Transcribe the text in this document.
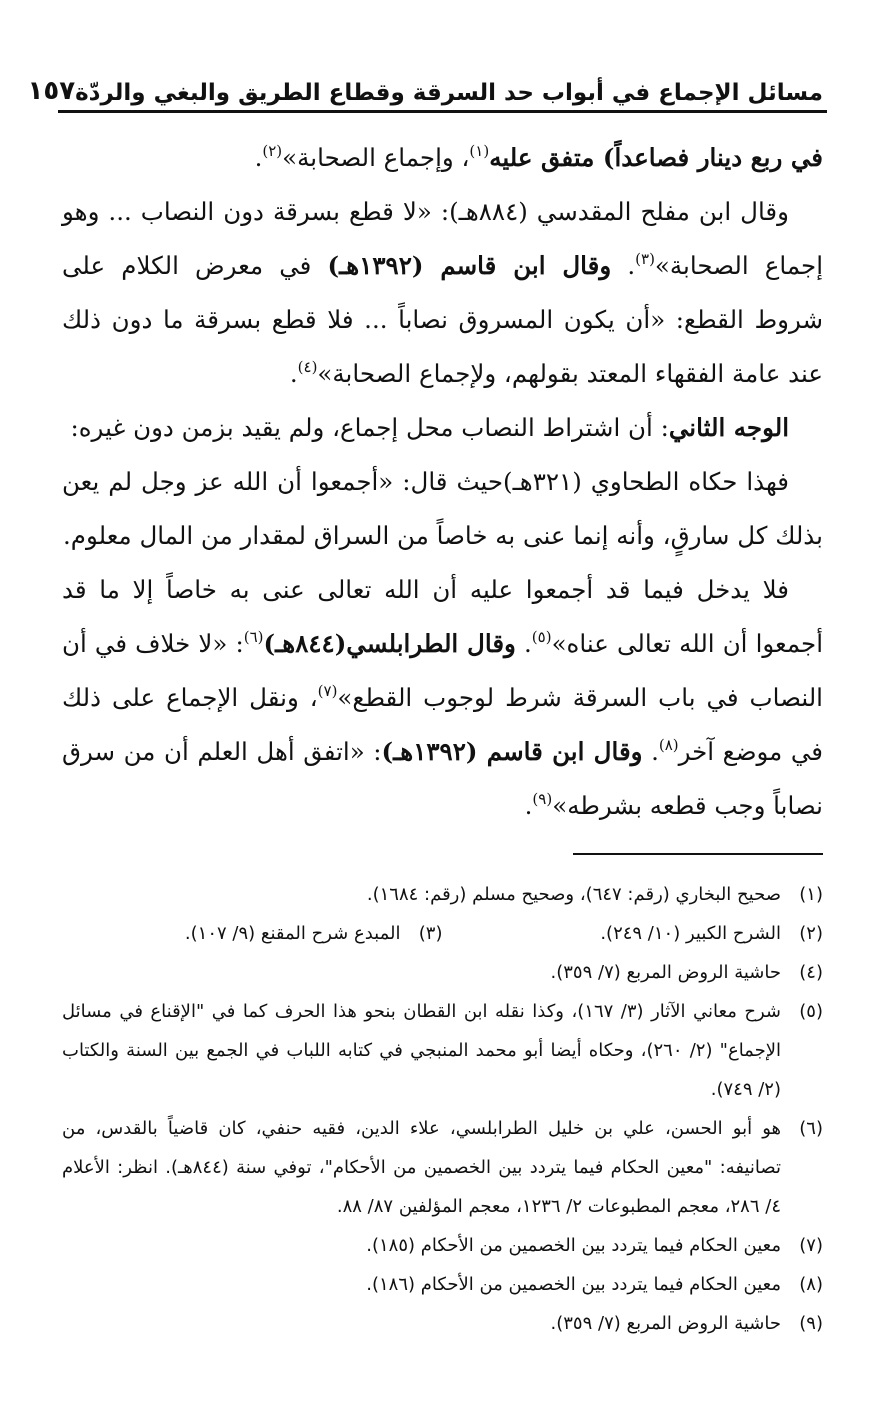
مسائل الإجماع في أبواب حد السرقة وقطاع الطريق والبغي والردّة
١٥٧

في ربع دينار فصاعداً) متفق عليه$^{(١)}$، وإجماع الصحابة»$^{(٢)}$.

وقال ابن مفلح المقدسي (٨٨٤هـ): «لا قطع بسرقة دون النصاب ... وهو إجماع الصحابة»$^{(٣)}$. وقال ابن قاسم (١٣٩٢هـ) في معرض الكلام على شروط القطع: «أن يكون المسروق نصاباً ... فلا قطع بسرقة ما دون ذلك عند عامة الفقهاء المعتد بقولهم، ولإجماع الصحابة»$^{(٤)}$.

الوجه الثاني: أن اشتراط النصاب محل إجماع، ولم يقيد بزمن دون غيره:

فهذا حكاه الطحاوي (٣٢١هـ)حيث قال: «أجمعوا أن الله عز وجل لم يعن بذلك كل سارقٍ، وأنه إنما عنى به خاصاً من السراق لمقدار من المال معلوم.

فلا يدخل فيما قد أجمعوا عليه أن الله تعالى عنى به خاصاً إلا ما قد أجمعوا أن الله تعالى عناه»$^{(٥)}$. وقال الطرابلسي(٨٤٤هـ)$^{(٦)}$: «لا خلاف في أن النصاب في باب السرقة شرط لوجوب القطع»$^{(٧)}$، ونقل الإجماع على ذلك في موضع آخر$^{(٨)}$. وقال ابن قاسم (١٣٩٢هـ): «اتفق أهل العلم أن من سرق نصاباً وجب قطعه بشرطه»$^{(٩)}$.

(١)
صحيح البخاري (رقم: ٦٤٧)، وصحيح مسلم (رقم: ١٦٨٤).
(٢)
الشرح الكبير (١٠/ ٢٤٩).
(٣)
المبدع شرح المقنع (٩/ ١٠٧).
(٤)
حاشية الروض المربع (٧/ ٣٥٩).
(٥)
شرح معاني الآثار (٣/ ١٦٧)، وكذا نقله ابن القطان بنحو هذا الحرف كما في "الإقناع في مسائل الإجماع" (٢/ ٢٦٠)، وحكاه أيضا أبو محمد المنبجي في كتابه اللباب في الجمع بين السنة والكتاب (٢/ ٧٤٩).
(٦)
هو أبو الحسن، علي بن خليل الطرابلسي، علاء الدين، فقيه حنفي، كان قاضياً بالقدس، من تصانيفه: "معين الحكام فيما يتردد بين الخصمين من الأحكام"، توفي سنة (٨٤٤هـ). انظر: الأعلام ٤/ ٢٨٦، معجم المطبوعات ٢/ ١٢٣٦، معجم المؤلفين ٨٧/ ٨٨.
(٧)
معين الحكام فيما يتردد بين الخصمين من الأحكام (١٨٥).
(٨)
معين الحكام فيما يتردد بين الخصمين من الأحكام (١٨٦).
(٩)
حاشية الروض المربع (٧/ ٣٥٩).
